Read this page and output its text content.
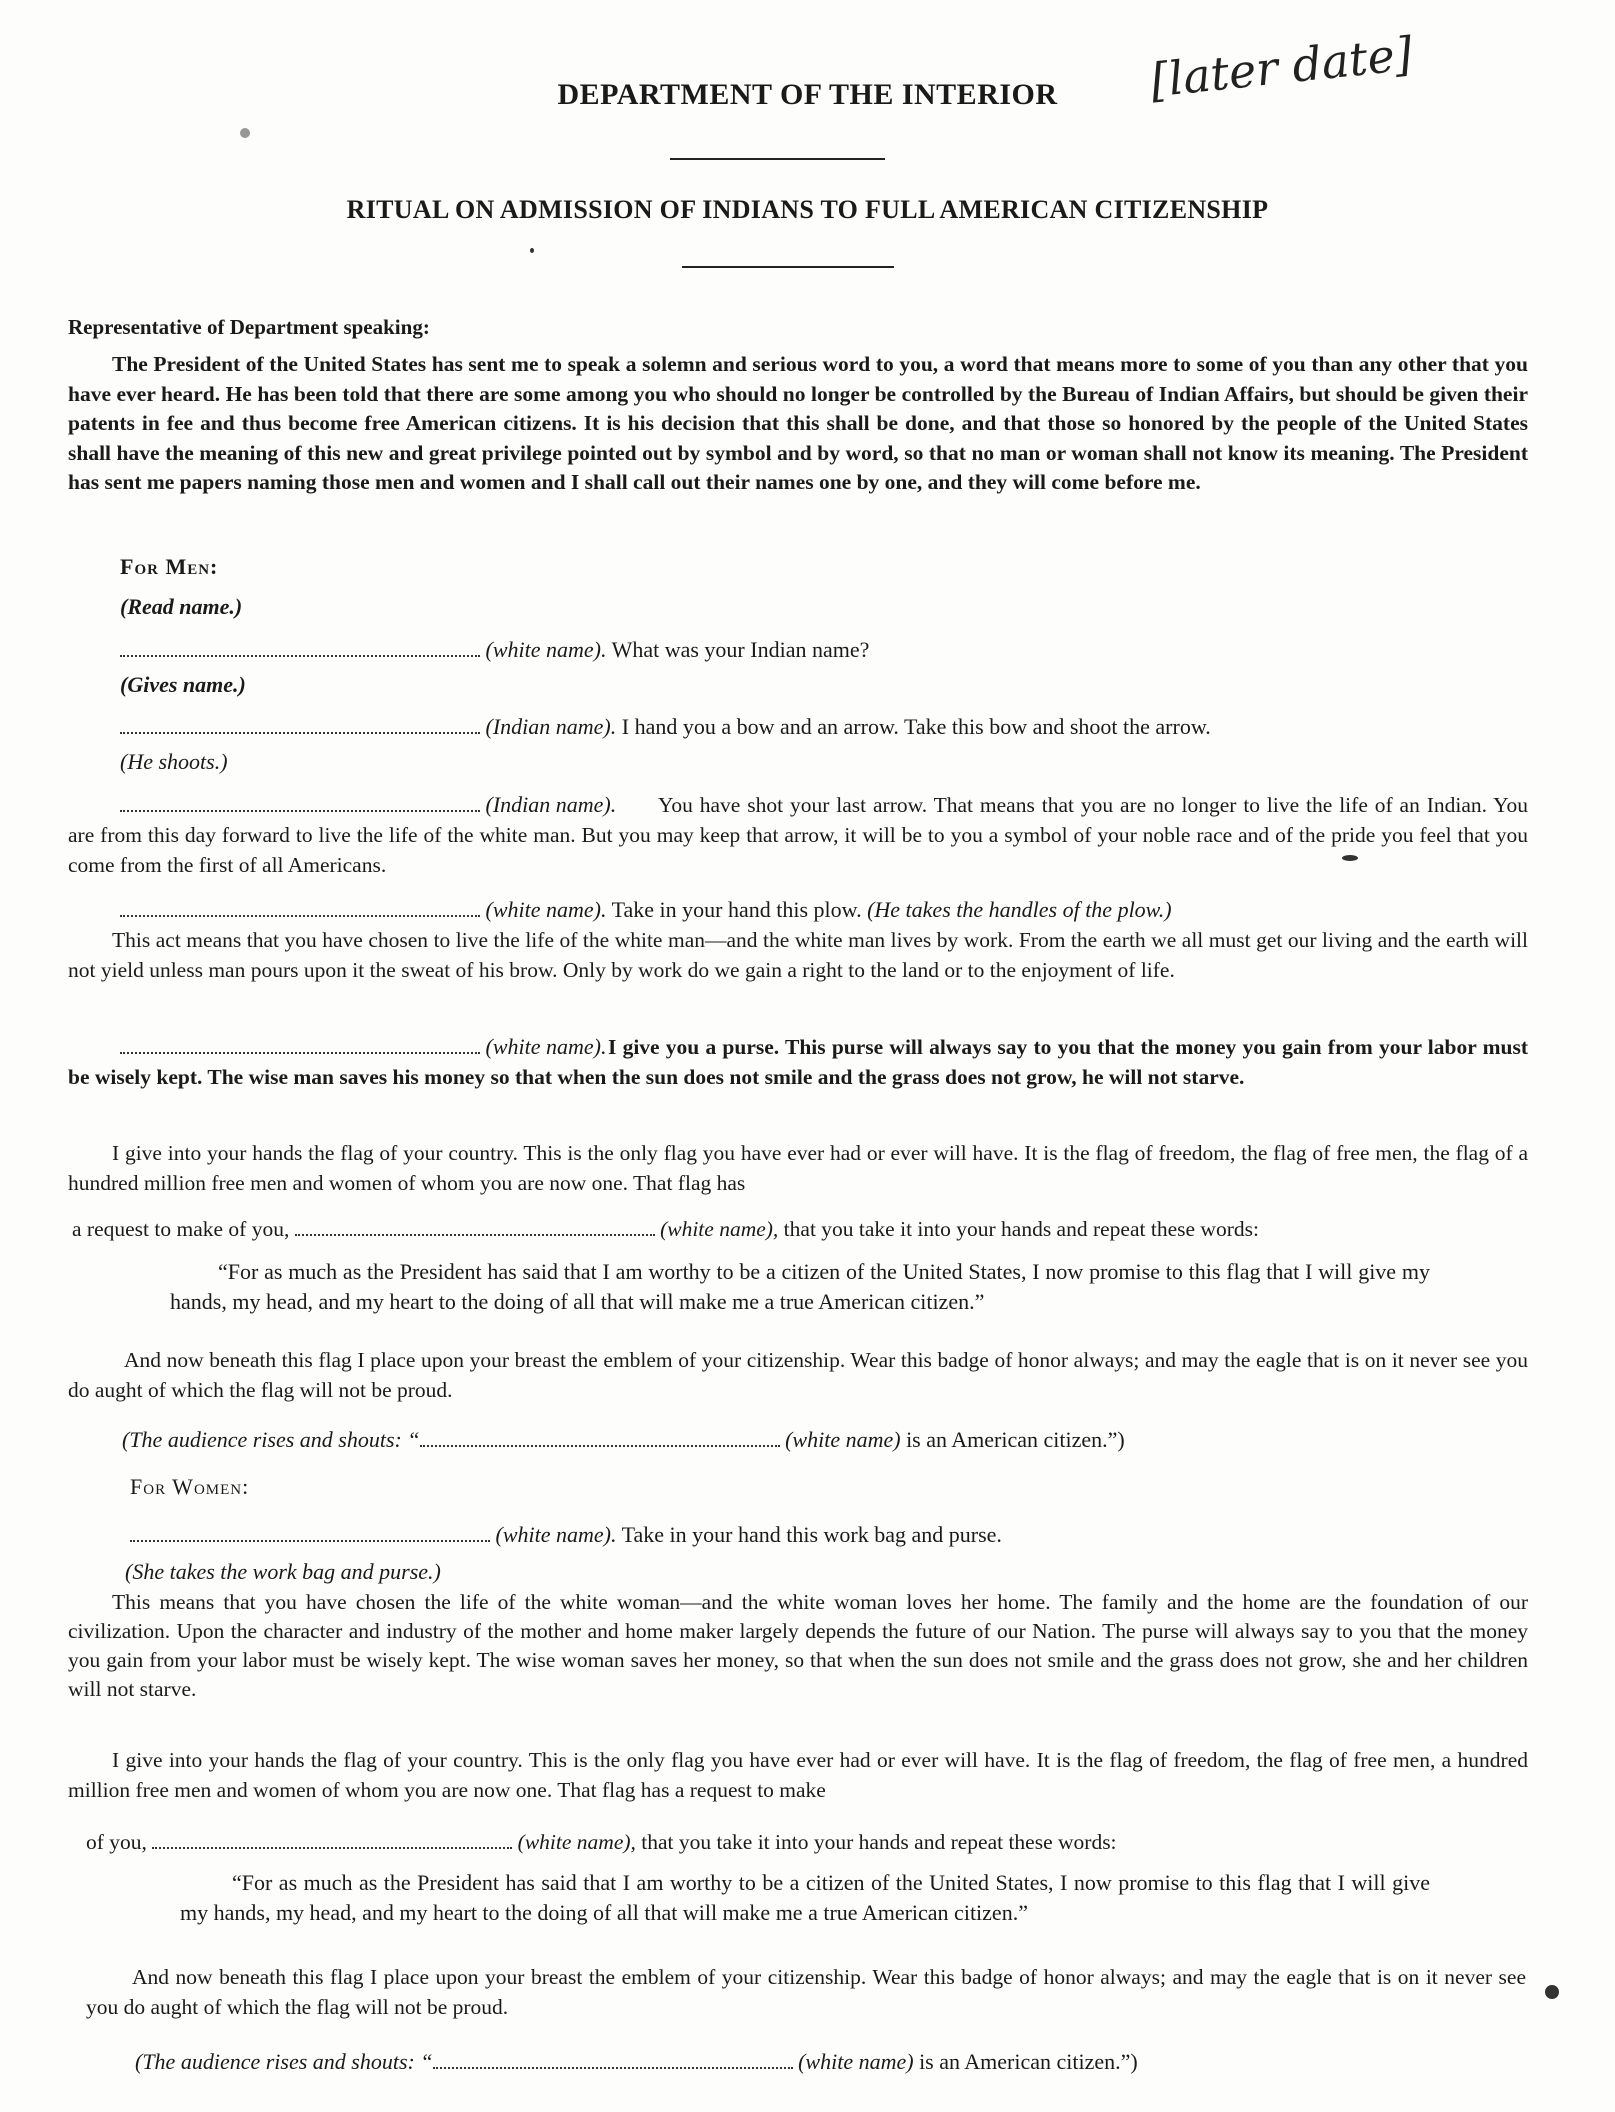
DEPARTMENT OF THE INTERIOR	[later date]
RITUAL ON ADMISSION OF INDIANS TO FULL AMERICAN CITIZENSHIP
Representative of Department speaking:
The President of the United States has sent me to speak a solemn and serious word to you, a word that means more to some of you than any other that you have ever heard. He has been told that there are some among you who should no longer be controlled by the Bureau of Indian Affairs, but should be given their patents in fee and thus become free American citizens. It is his decision that this shall be done, and that those so honored by the people of the United States shall have the meaning of this new and great privilege pointed out by symbol and by word, so that no man or woman shall not know its meaning. The President has sent me papers naming those men and women and I shall call out their names one by one, and they will come before me.
For Men:
(Read name.)
(white name). What was your Indian name?
(Gives name.)
(Indian name). I hand you a bow and an arrow. Take this bow and shoot the arrow.
(He shoots.)
(Indian name).	You have shot your last arrow. That means that you are no longer to live the life of an Indian. You are from this day forward to live the life of the white man. But you may keep that arrow, it will be to you a symbol of your noble race and of the pride you feel that you come from the first of all Americans.
(white name). Take in your hand this plow. (He takes the handles of the plow.)
This act means that you have chosen to live the life of the white man—and the white man lives by work. From the earth we all must get our living and the earth will not yield unless man pours upon it the sweat of his brow. Only by work do we gain a right to the land or to the enjoyment of life.
(white name). I give you a purse. This purse will always say to you that the money you gain from your labor must be wisely kept. The wise man saves his money so that when the sun does not smile and the grass does not grow, he will not starve.
I give into your hands the flag of your country. This is the only flag you have ever had or ever will have. It is the flag of freedom, the flag of free men, the flag of a hundred million free men and women of whom you are now one. That flag has
a request to make of you,	(white name), that you take it into your hands and repeat these words:
“For as much as the President has said that I am worthy to be a citizen of the United States, I now promise to this flag that I will give my hands, my head, and my heart to the doing of all that will make me a true American citizen.”
And now beneath this flag I place upon your breast the emblem of your citizenship. Wear this badge of honor always; and may the eagle that is on it never see you do aught of which the flag will not be proud.
(The audience rises and shouts: “	(white name) is an American citizen.”)
For Women:
(white name). Take in your hand this work bag and purse.
(She takes the work bag and purse.)
This means that you have chosen the life of the white woman—and the white woman loves her home. The family and the home are the foundation of our civilization. Upon the character and industry of the mother and home maker largely depends the future of our Nation. The purse will always say to you that the money you gain from your labor must be wisely kept. The wise woman saves her money, so that when the sun does not smile and the grass does not grow, she and her children will not starve.
I give into your hands the flag of your country. This is the only flag you have ever had or ever will have. It is the flag of freedom, the flag of free men, a hundred million free men and women of whom you are now one. That flag has a request to make
of you,	(white name), that you take it into your hands and repeat these words:
“For as much as the President has said that I am worthy to be a citizen of the United States, I now promise to this flag that I will give my hands, my head, and my heart to the doing of all that will make me a true American citizen.”
And now beneath this flag I place upon your breast the emblem of your citizenship. Wear this badge of honor always; and may the eagle that is on it never see you do aught of which the flag will not be proud.
(The audience rises and shouts: “	(white name) is an American citizen.”)
